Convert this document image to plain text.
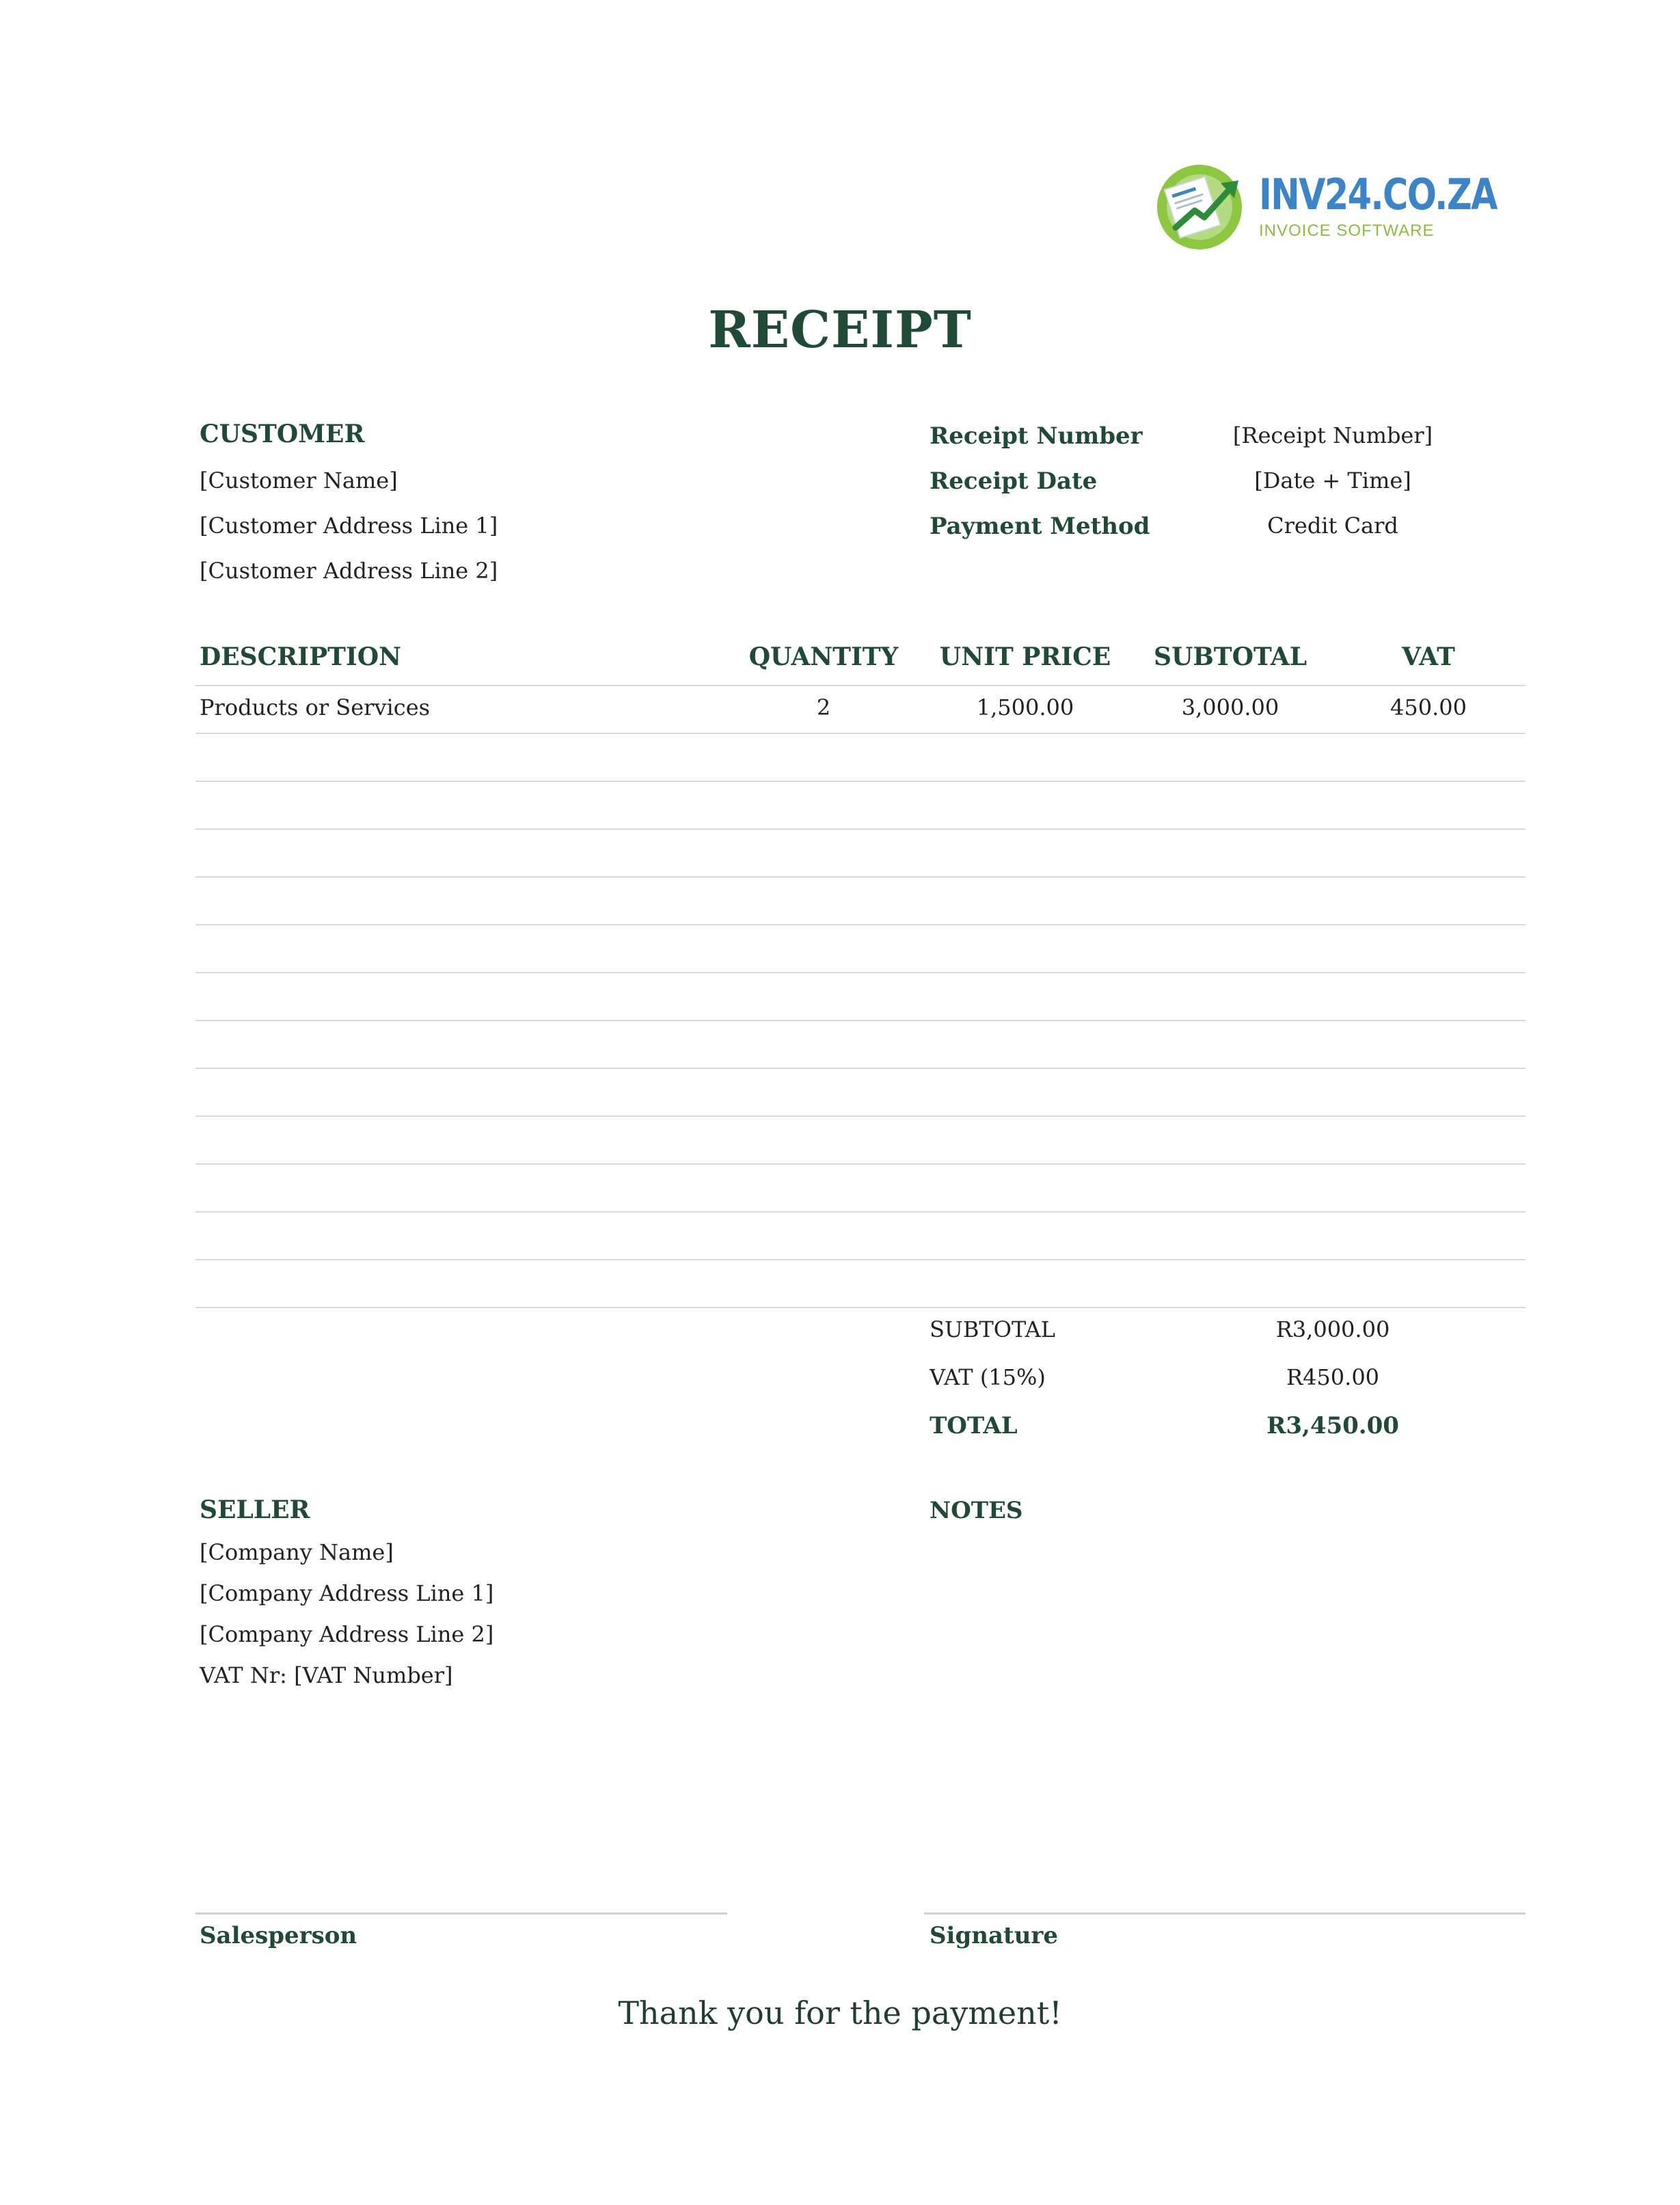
INV24.CO.ZA
INVOICE SOFTWARE
RECEIPT
CUSTOMER
[Customer Name]
[Customer Address Line 1]
[Customer Address Line 2]
Receipt Number	[Receipt Number]
Receipt Date	[Date + Time]
Payment Method	Credit Card
DESCRIPTION	QUANTITY	UNIT PRICE	SUBTOTAL	VAT
Products or Services	2	1,500.00	3,000.00	450.00
SUBTOTAL	R3,000.00
VAT (15%)	R450.00
TOTAL	R3,450.00
SELLER
[Company Name]
[Company Address Line 1]
[Company Address Line 2]
VAT Nr: [VAT Number]
NOTES
Salesperson	Signature
Thank you for the payment!
